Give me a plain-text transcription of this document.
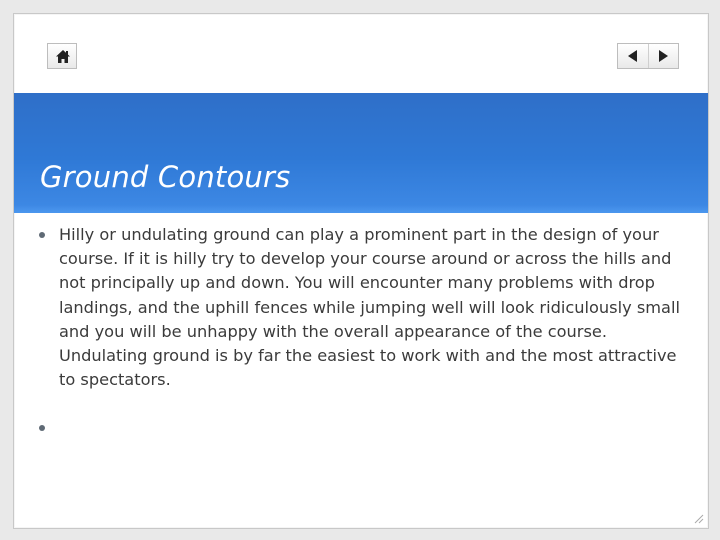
Ground Contours

Hilly or undulating ground can play a prominent part in the design of your course. If it is hilly try to develop your course around or across the hills and not principally up and down. You will encounter many problems with drop landings, and the uphill fences while jumping well will look ridiculously small and you will be unhappy with the overall appearance of the course. Undulating ground is by far the easiest to work with and the most attractive to spectators.
